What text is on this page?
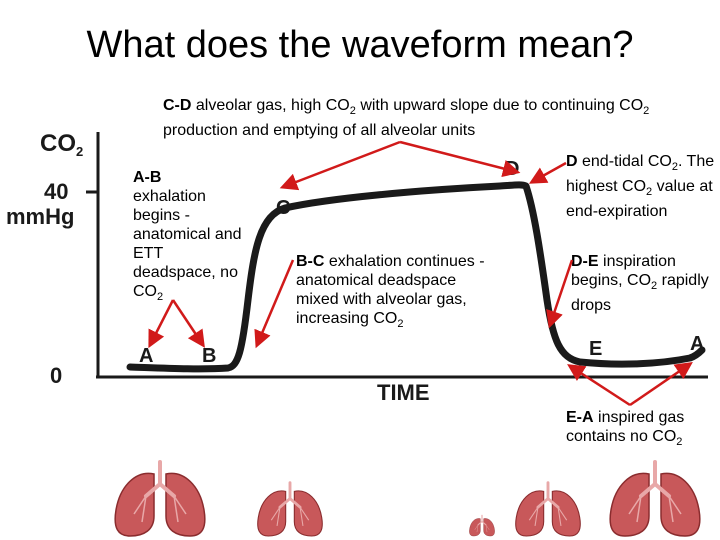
What does the waveform mean?
C-D alveolar gas, high $CO_2$ with upward slope due to continuing $CO_2$ production and emptying of all alveolar units
A-B
exhalation begins - anatomical and ETT deadspace, no $CO_2$
B-C exhalation continues - anatomical deadspace mixed with alveolar gas, increasing $CO_2$
D end-tidal $CO_2$. The highest $CO_2$ value at end-expiration
D-E inspiration begins, $CO_2$ rapidly drops
E-A inspired gas contains no $CO_2$
$CO_2$
40
mmHg
0
TIME
A B
C
D
E	A
